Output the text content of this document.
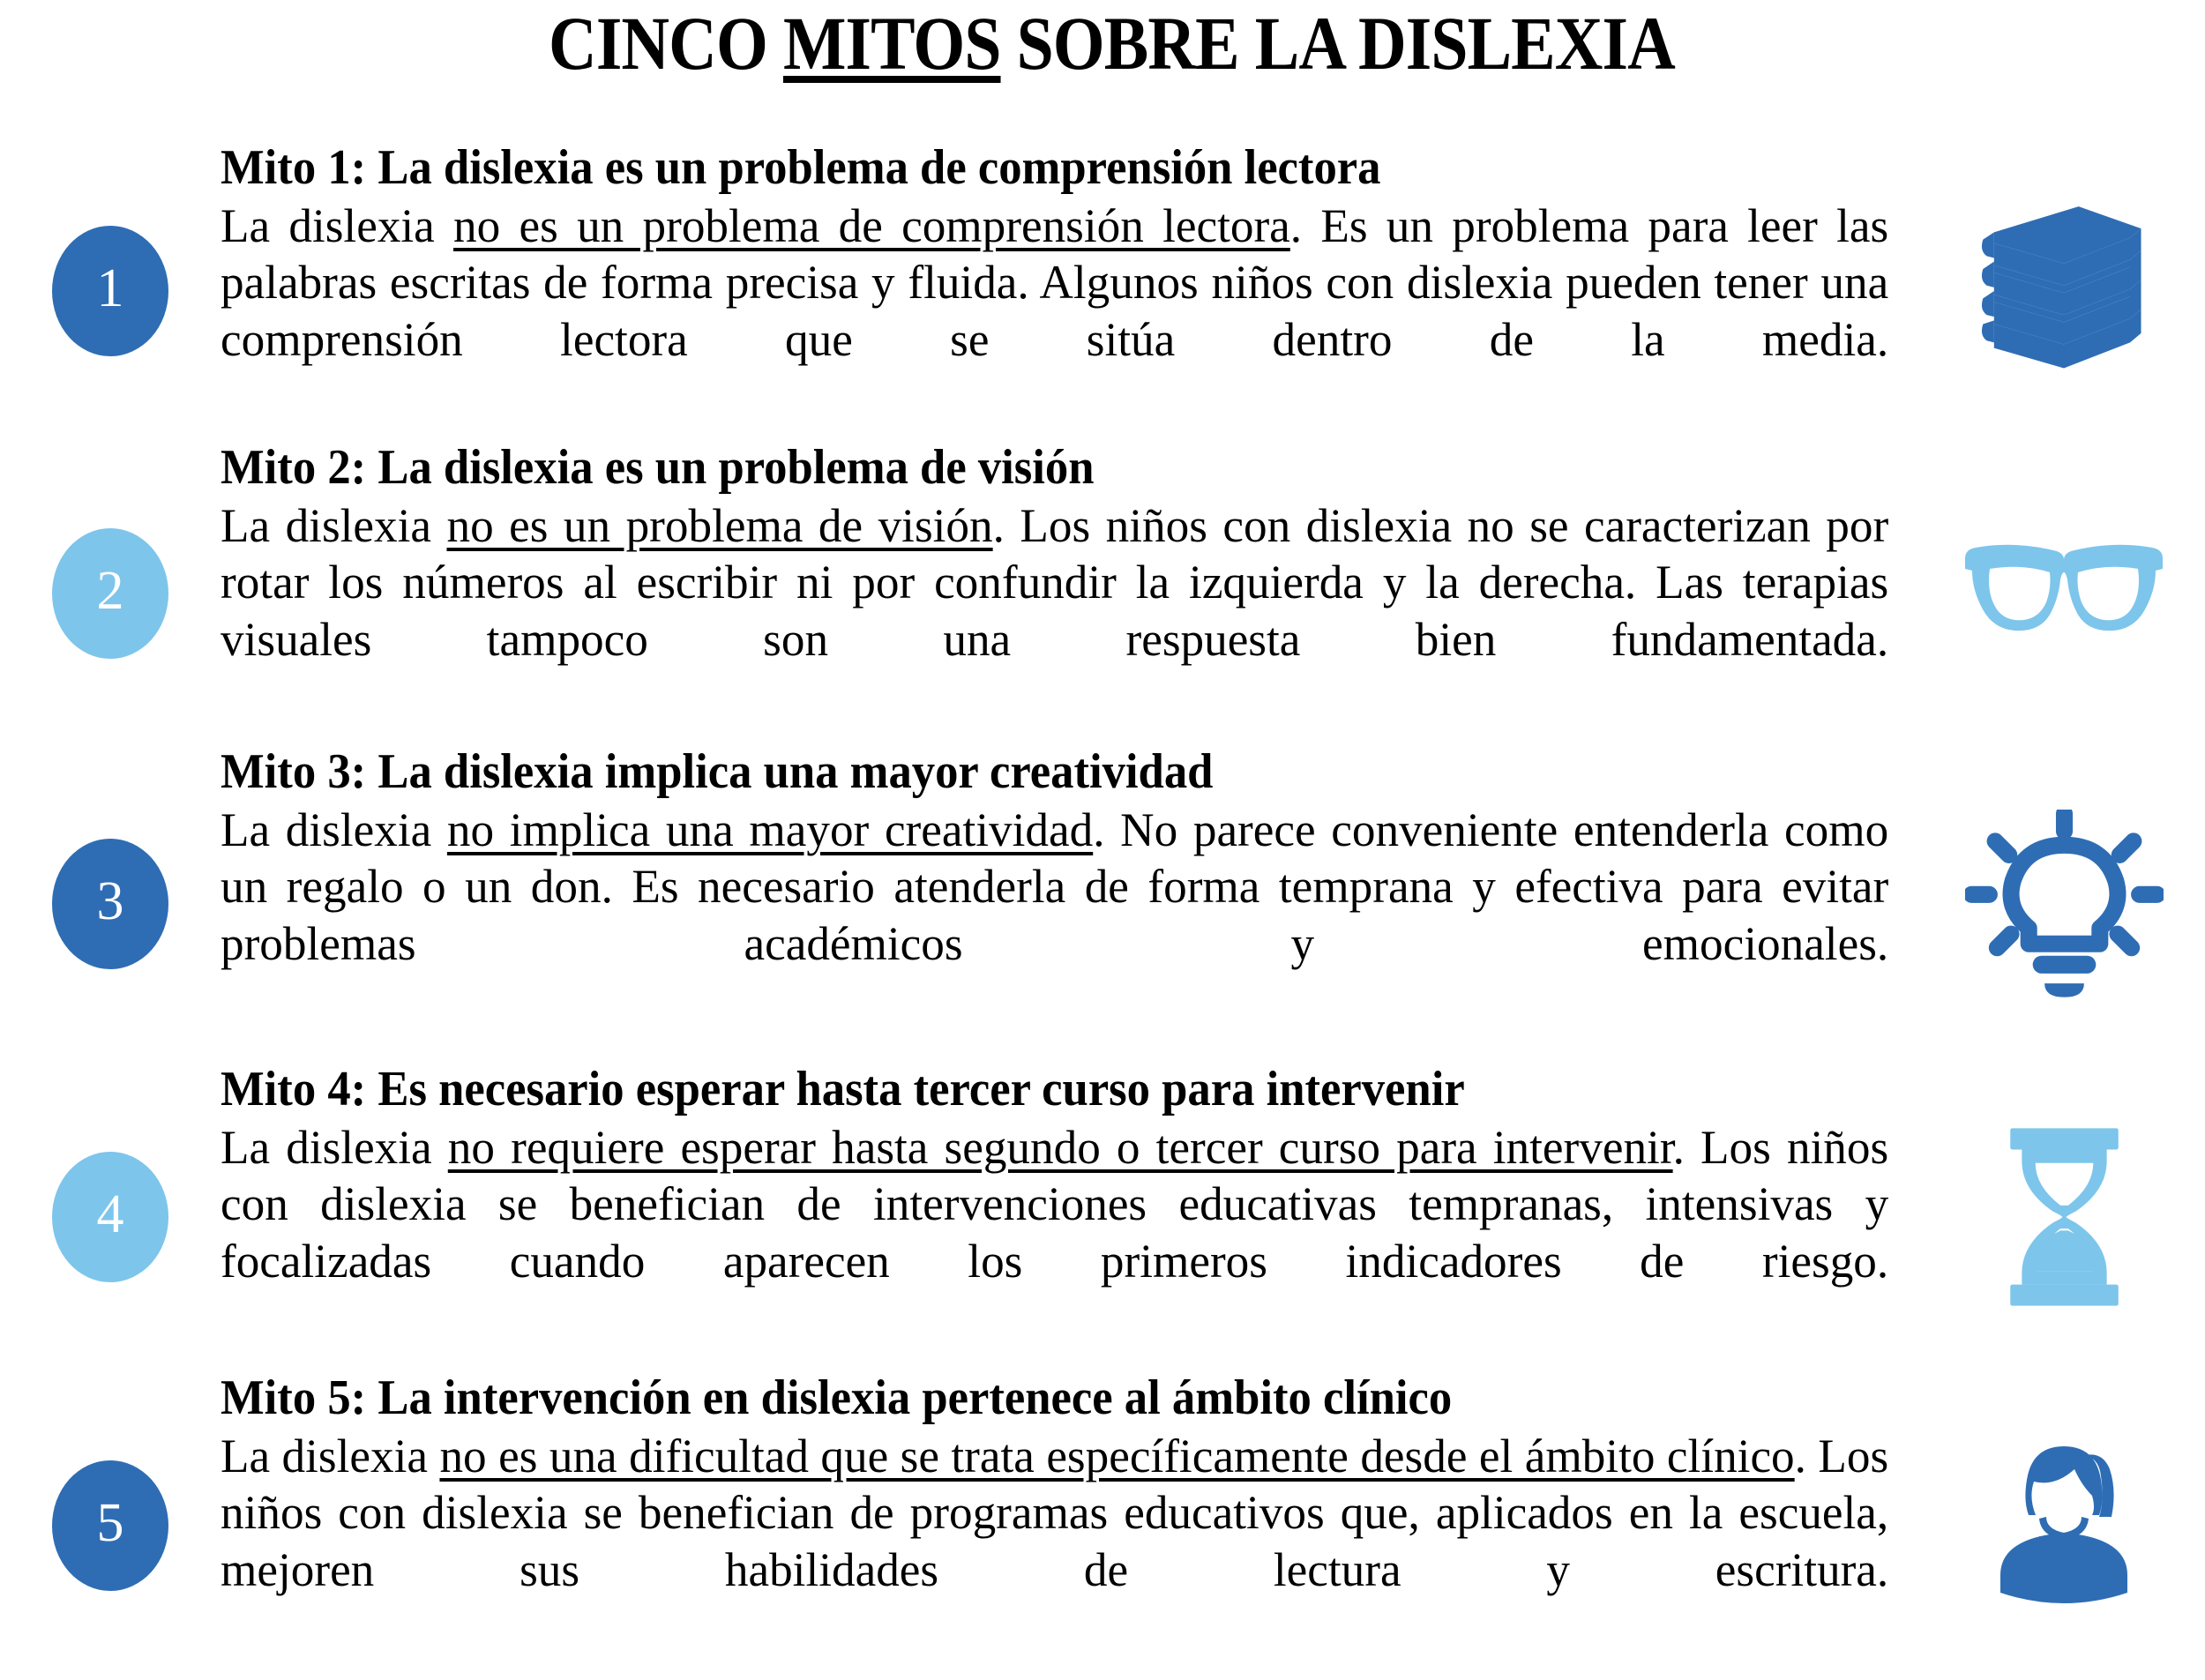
CINCO MITOS SOBRE LA DISLEXIA
1
Mito 1: La dislexia es un problema de comprensión lectora
La dislexia no es un problema de comprensión lectora. Es un problema para leer las palabras escritas de forma precisa y fluida. Algunos niños con dislexia pueden tener una comprensión lectora que se sitúa dentro de la media.
2
Mito 2: La dislexia es un problema de visión
La dislexia no es un problema de visión. Los niños con dislexia no se caracterizan por rotar los números al escribir ni por confundir la izquierda y la derecha. Las terapias visuales tampoco son una respuesta bien fundamentada.
3
Mito 3: La dislexia implica una mayor creatividad
La dislexia no implica una mayor creatividad. No parece conveniente entenderla como un regalo o un don. Es necesario atenderla de forma temprana y efectiva para evitar problemas académicos y emocionales.
4
Mito 4: Es necesario esperar hasta tercer curso para intervenir
La dislexia no requiere esperar hasta segundo o tercer curso para intervenir. Los niños con dislexia se benefician de intervenciones educativas tempranas, intensivas y focalizadas cuando aparecen los primeros indicadores de riesgo.
5
Mito 5: La intervención en dislexia pertenece al ámbito clínico
La dislexia no es una dificultad que se trata específicamente desde el ámbito clínico. Los niños con dislexia se benefician de programas educativos que, aplicados en la escuela, mejoren sus habilidades de lectura y escritura.
